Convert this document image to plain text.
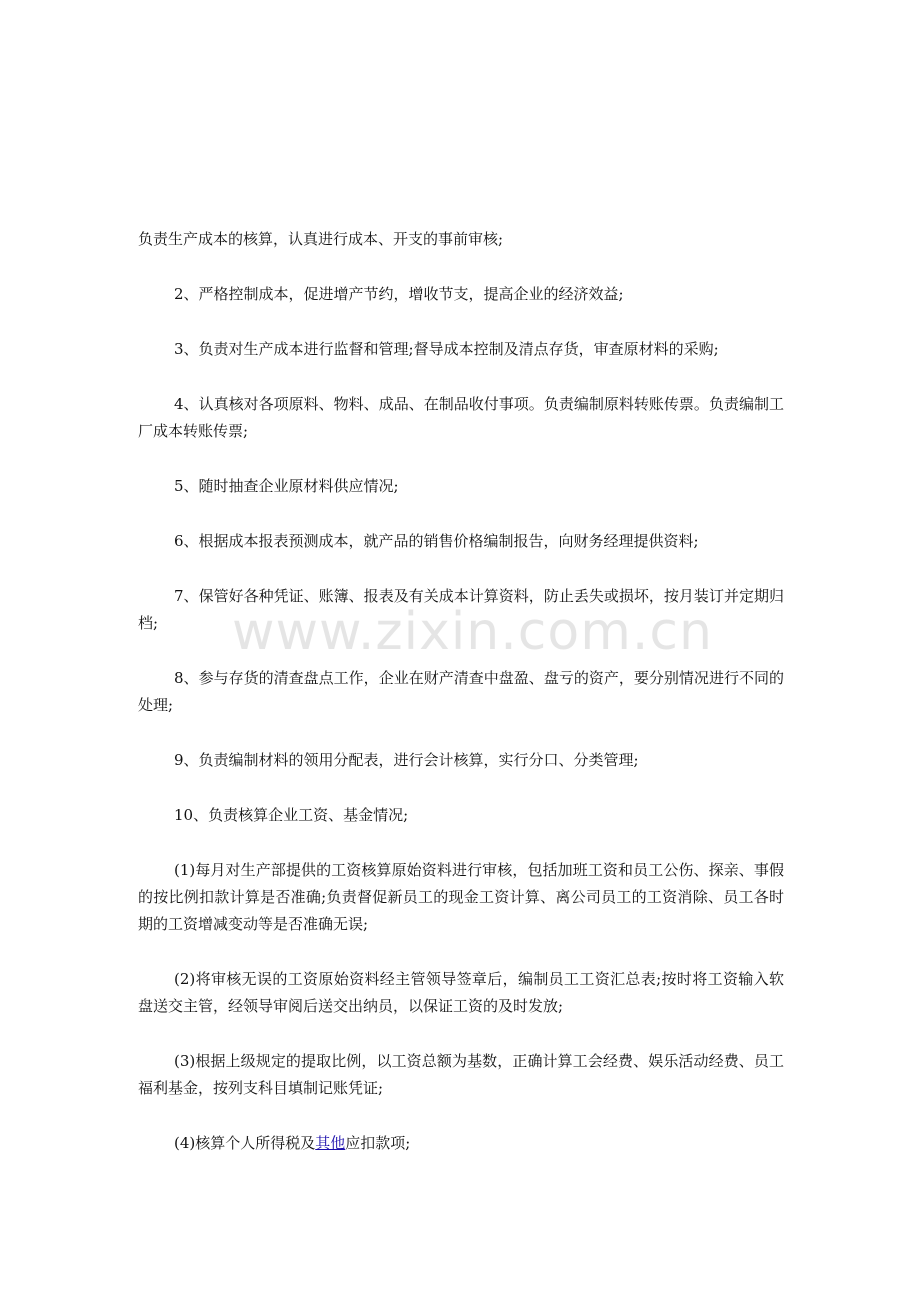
负责生产成本的核算，认真进行成本、开支的事前审核;

2、严格控制成本，促进增产节约，增收节支，提高企业的经济效益;

3、负责对生产成本进行监督和管理;督导成本控制及清点存货，审查原材料的采购;

4、认真核对各项原料、物料、成品、在制品收付事项。负责编制原料转账传票。负责编制工厂成本转账传票;

5、随时抽查企业原材料供应情况;

6、根据成本报表预测成本，就产品的销售价格编制报告，向财务经理提供资料;

7、保管好各种凭证、账簿、报表及有关成本计算资料，防止丢失或损坏，按月装订并定期归档;

8、参与存货的清查盘点工作，企业在财产清查中盘盈、盘亏的资产，要分别情况进行不同的处理;

9、负责编制材料的领用分配表，进行会计核算，实行分口、分类管理;

10、负责核算企业工资、基金情况;

(1)每月对生产部提供的工资核算原始资料进行审核，包括加班工资和员工公伤、探亲、事假的按比例扣款计算是否准确;负责督促新员工的现金工资计算、离公司员工的工资消除、员工各时期的工资增减变动等是否准确无误;

(2)将审核无误的工资原始资料经主管领导签章后，编制员工工资汇总表;按时将工资输入软盘送交主管，经领导审阅后送交出纳员，以保证工资的及时发放;

(3)根据上级规定的提取比例，以工资总额为基数，正确计算工会经费、娱乐活动经费、员工福利基金，按列支科目填制记账凭证;

(4)核算个人所得税及其他应扣款项;

www.zixin.com.cn
